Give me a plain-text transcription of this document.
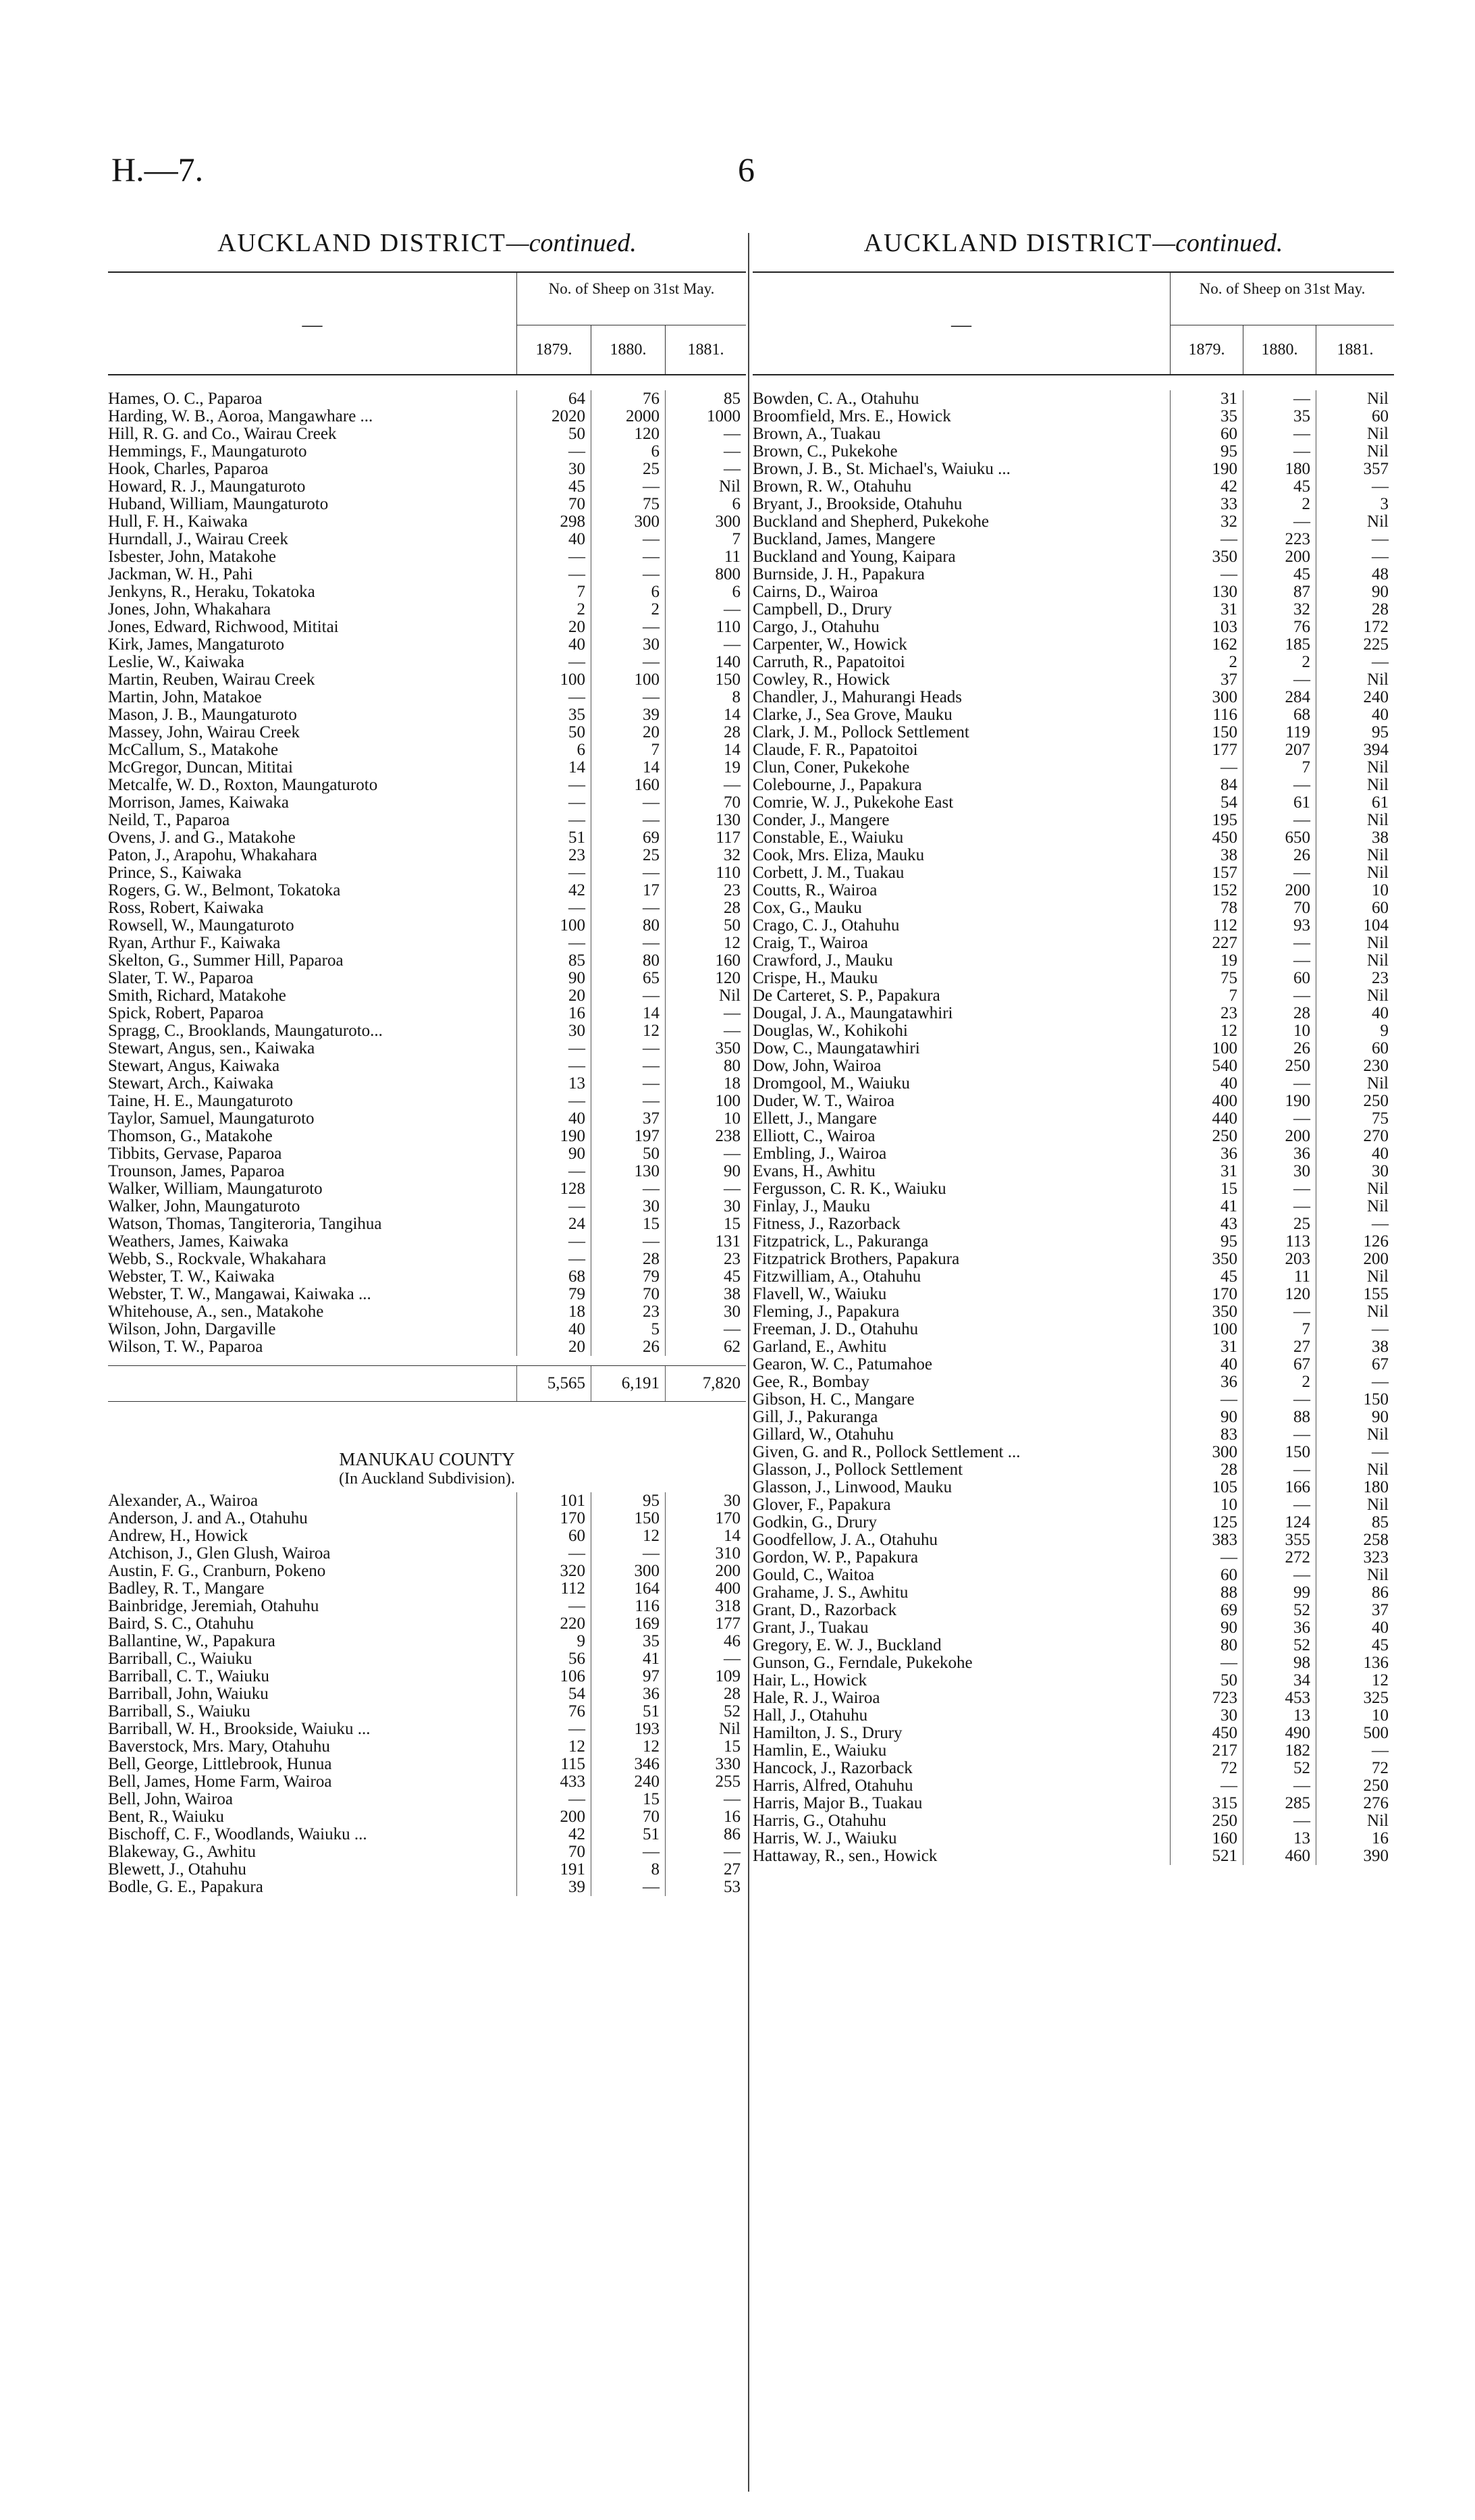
H.—7.	6
AUCKLAND DISTRICT—continued.
—
No. of Sheep on 31st May.
1879.	1880.	1881.
Hames, O. C., Paparoa	64	76	85
Harding, W. B., Aoroa, Mangawhare ...	2020	2000	1000
Hill, R. G. and Co., Wairau Creek	50	120	—
Hemmings, F., Maungaturoto	—	6	—
Hook, Charles, Paparoa	30	25	—
Howard, R. J., Maungaturoto	45	—	Nil
Huband, William, Maungaturoto	70	75	6
Hull, F. H., Kaiwaka	298	300	300
Hurndall, J., Wairau Creek	40	—	7
Isbester, John, Matakohe	—	—	11
Jackman, W. H., Pahi	—	—	800
Jenkyns, R., Heraku, Tokatoka	7	6	6
Jones, John, Whakahara	2	2	—
Jones, Edward, Richwood, Mititai	20	—	110
Kirk, James, Mangaturoto	40	30	—
Leslie, W., Kaiwaka	—	—	140
Martin, Reuben, Wairau Creek	100	100	150
Martin, John, Matakoe	—	—	8
Mason, J. B., Maungaturoto	35	39	14
Massey, John, Wairau Creek	50	20	28
McCallum, S., Matakohe	6	7	14
McGregor, Duncan, Mititai	14	14	19
Metcalfe, W. D., Roxton, Maungaturoto	—	160	—
Morrison, James, Kaiwaka	—	—	70
Neild, T., Paparoa	—	—	130
Ovens, J. and G., Matakohe	51	69	117
Paton, J., Arapohu, Whakahara	23	25	32
Prince, S., Kaiwaka	—	—	110
Rogers, G. W., Belmont, Tokatoka	42	17	23
Ross, Robert, Kaiwaka	—	—	28
Rowsell, W., Maungaturoto	100	80	50
Ryan, Arthur F., Kaiwaka	—	—	12
Skelton, G., Summer Hill, Paparoa	85	80	160
Slater, T. W., Paparoa	90	65	120
Smith, Richard, Matakohe	20	—	Nil
Spick, Robert, Paparoa	16	14	—
Spragg, C., Brooklands, Maungaturoto...	30	12	—
Stewart, Angus, sen., Kaiwaka	—	—	350
Stewart, Angus, Kaiwaka	—	—	80
Stewart, Arch., Kaiwaka	13	—	18
Taine, H. E., Maungaturoto	—	—	100
Taylor, Samuel, Maungaturoto	40	37	10
Thomson, G., Matakohe	190	197	238
Tibbits, Gervase, Paparoa	90	50	—
Trounson, James, Paparoa	—	130	90
Walker, William, Maungaturoto	128	—	—
Walker, John, Maungaturoto	—	30	30
Watson, Thomas, Tangiteroria, Tangihua	24	15	15
Weathers, James, Kaiwaka	—	—	131
Webb, S., Rockvale, Whakahara	—	28	23
Webster, T. W., Kaiwaka	68	79	45
Webster, T. W., Mangawai, Kaiwaka ...	79	70	38
Whitehouse, A., sen., Matakohe	18	23	30
Wilson, John, Dargaville	40	5	—
Wilson, T. W., Paparoa	20	26	62
5,565	6,191	7,820
MANUKAU COUNTY
(In Auckland Subdivision).
Alexander, A., Wairoa	101	95	30
Anderson, J. and A., Otahuhu	170	150	170
Andrew, H., Howick	60	12	14
Atchison, J., Glen Glush, Wairoa	—	—	310
Austin, F. G., Cranburn, Pokeno	320	300	200
Badley, R. T., Mangare	112	164	400
Bainbridge, Jeremiah, Otahuhu	—	116	318
Baird, S. C., Otahuhu	220	169	177
Ballantine, W., Papakura	9	35	46
Barriball, C., Waiuku	56	41	—
Barriball, C. T., Waiuku	106	97	109
Barriball, John, Waiuku	54	36	28
Barriball, S., Waiuku	76	51	52
Barriball, W. H., Brookside, Waiuku ...	—	193	Nil
Baverstock, Mrs. Mary, Otahuhu	12	12	15
Bell, George, Littlebrook, Hunua	115	346	330
Bell, James, Home Farm, Wairoa	433	240	255
Bell, John, Wairoa	—	15	—
Bent, R., Waiuku	200	70	16
Bischoff, C. F., Woodlands, Waiuku ...	42	51	86
Blakeway, G., Awhitu	70	—	—
Blewett, J., Otahuhu	191	8	27
Bodle, G. E., Papakura	39	—	53
AUCKLAND DISTRICT—continued.
—
No. of Sheep on 31st May.
1879.	1880.	1881.
Bowden, C. A., Otahuhu	31	—	Nil
Broomfield, Mrs. E., Howick	35	35	60
Brown, A., Tuakau	60	—	Nil
Brown, C., Pukekohe	95	—	Nil
Brown, J. B., St. Michael's, Waiuku ...	190	180	357
Brown, R. W., Otahuhu	42	45	—
Bryant, J., Brookside, Otahuhu	33	2	3
Buckland and Shepherd, Pukekohe	32	—	Nil
Buckland, James, Mangere	—	223	—
Buckland and Young, Kaipara	350	200	—
Burnside, J. H., Papakura	—	45	48
Cairns, D., Wairoa	130	87	90
Campbell, D., Drury	31	32	28
Cargo, J., Otahuhu	103	76	172
Carpenter, W., Howick	162	185	225
Carruth, R., Papatoitoi	2	2	—
Cowley, R., Howick	37	—	Nil
Chandler, J., Mahurangi Heads	300	284	240
Clarke, J., Sea Grove, Mauku	116	68	40
Clark, J. M., Pollock Settlement	150	119	95
Claude, F. R., Papatoitoi	177	207	394
Clun, Coner, Pukekohe	—	7	Nil
Colebourne, J., Papakura	84	—	Nil
Comrie, W. J., Pukekohe East	54	61	61
Conder, J., Mangere	195	—	Nil
Constable, E., Waiuku	450	650	38
Cook, Mrs. Eliza, Mauku	38	26	Nil
Corbett, J. M., Tuakau	157	—	Nil
Coutts, R., Wairoa	152	200	10
Cox, G., Mauku	78	70	60
Crago, C. J., Otahuhu	112	93	104
Craig, T., Wairoa	227	—	Nil
Crawford, J., Mauku	19	—	Nil
Crispe, H., Mauku	75	60	23
De Carteret, S. P., Papakura	7	—	Nil
Dougal, J. A., Maungatawhiri	23	28	40
Douglas, W., Kohikohi	12	10	9
Dow, C., Maungatawhiri	100	26	60
Dow, John, Wairoa	540	250	230
Dromgool, M., Waiuku	40	—	Nil
Duder, W. T., Wairoa	400	190	250
Ellett, J., Mangare	440	—	75
Elliott, C., Wairoa	250	200	270
Embling, J., Wairoa	36	36	40
Evans, H., Awhitu	31	30	30
Fergusson, C. R. K., Waiuku	15	—	Nil
Finlay, J., Mauku	41	—	Nil
Fitness, J., Razorback	43	25	—
Fitzpatrick, L., Pakuranga	95	113	126
Fitzpatrick Brothers, Papakura	350	203	200
Fitzwilliam, A., Otahuhu	45	11	Nil
Flavell, W., Waiuku	170	120	155
Fleming, J., Papakura	350	—	Nil
Freeman, J. D., Otahuhu	100	7	—
Garland, E., Awhitu	31	27	38
Gearon, W. C., Patumahoe	40	67	67
Gee, R., Bombay	36	2	—
Gibson, H. C., Mangare	—	—	150
Gill, J., Pakuranga	90	88	90
Gillard, W., Otahuhu	83	—	Nil
Given, G. and R., Pollock Settlement ...	300	150	—
Glasson, J., Pollock Settlement	28	—	Nil
Glasson, J., Linwood, Mauku	105	166	180
Glover, F., Papakura	10	—	Nil
Godkin, G., Drury	125	124	85
Goodfellow, J. A., Otahuhu	383	355	258
Gordon, W. P., Papakura	—	272	323
Gould, C., Waitoa	60	—	Nil
Grahame, J. S., Awhitu	88	99	86
Grant, D., Razorback	69	52	37
Grant, J., Tuakau	90	36	40
Gregory, E. W. J., Buckland	80	52	45
Gunson, G., Ferndale, Pukekohe	—	98	136
Hair, L., Howick	50	34	12
Hale, R. J., Wairoa	723	453	325
Hall, J., Otahuhu	30	13	10
Hamilton, J. S., Drury	450	490	500
Hamlin, E., Waiuku	217	182	—
Hancock, J., Razorback	72	52	72
Harris, Alfred, Otahuhu	—	—	250
Harris, Major B., Tuakau	315	285	276
Harris, G., Otahuhu	250	—	Nil
Harris, W. J., Waiuku	160	13	16
Hattaway, R., sen., Howick	521	460	390
